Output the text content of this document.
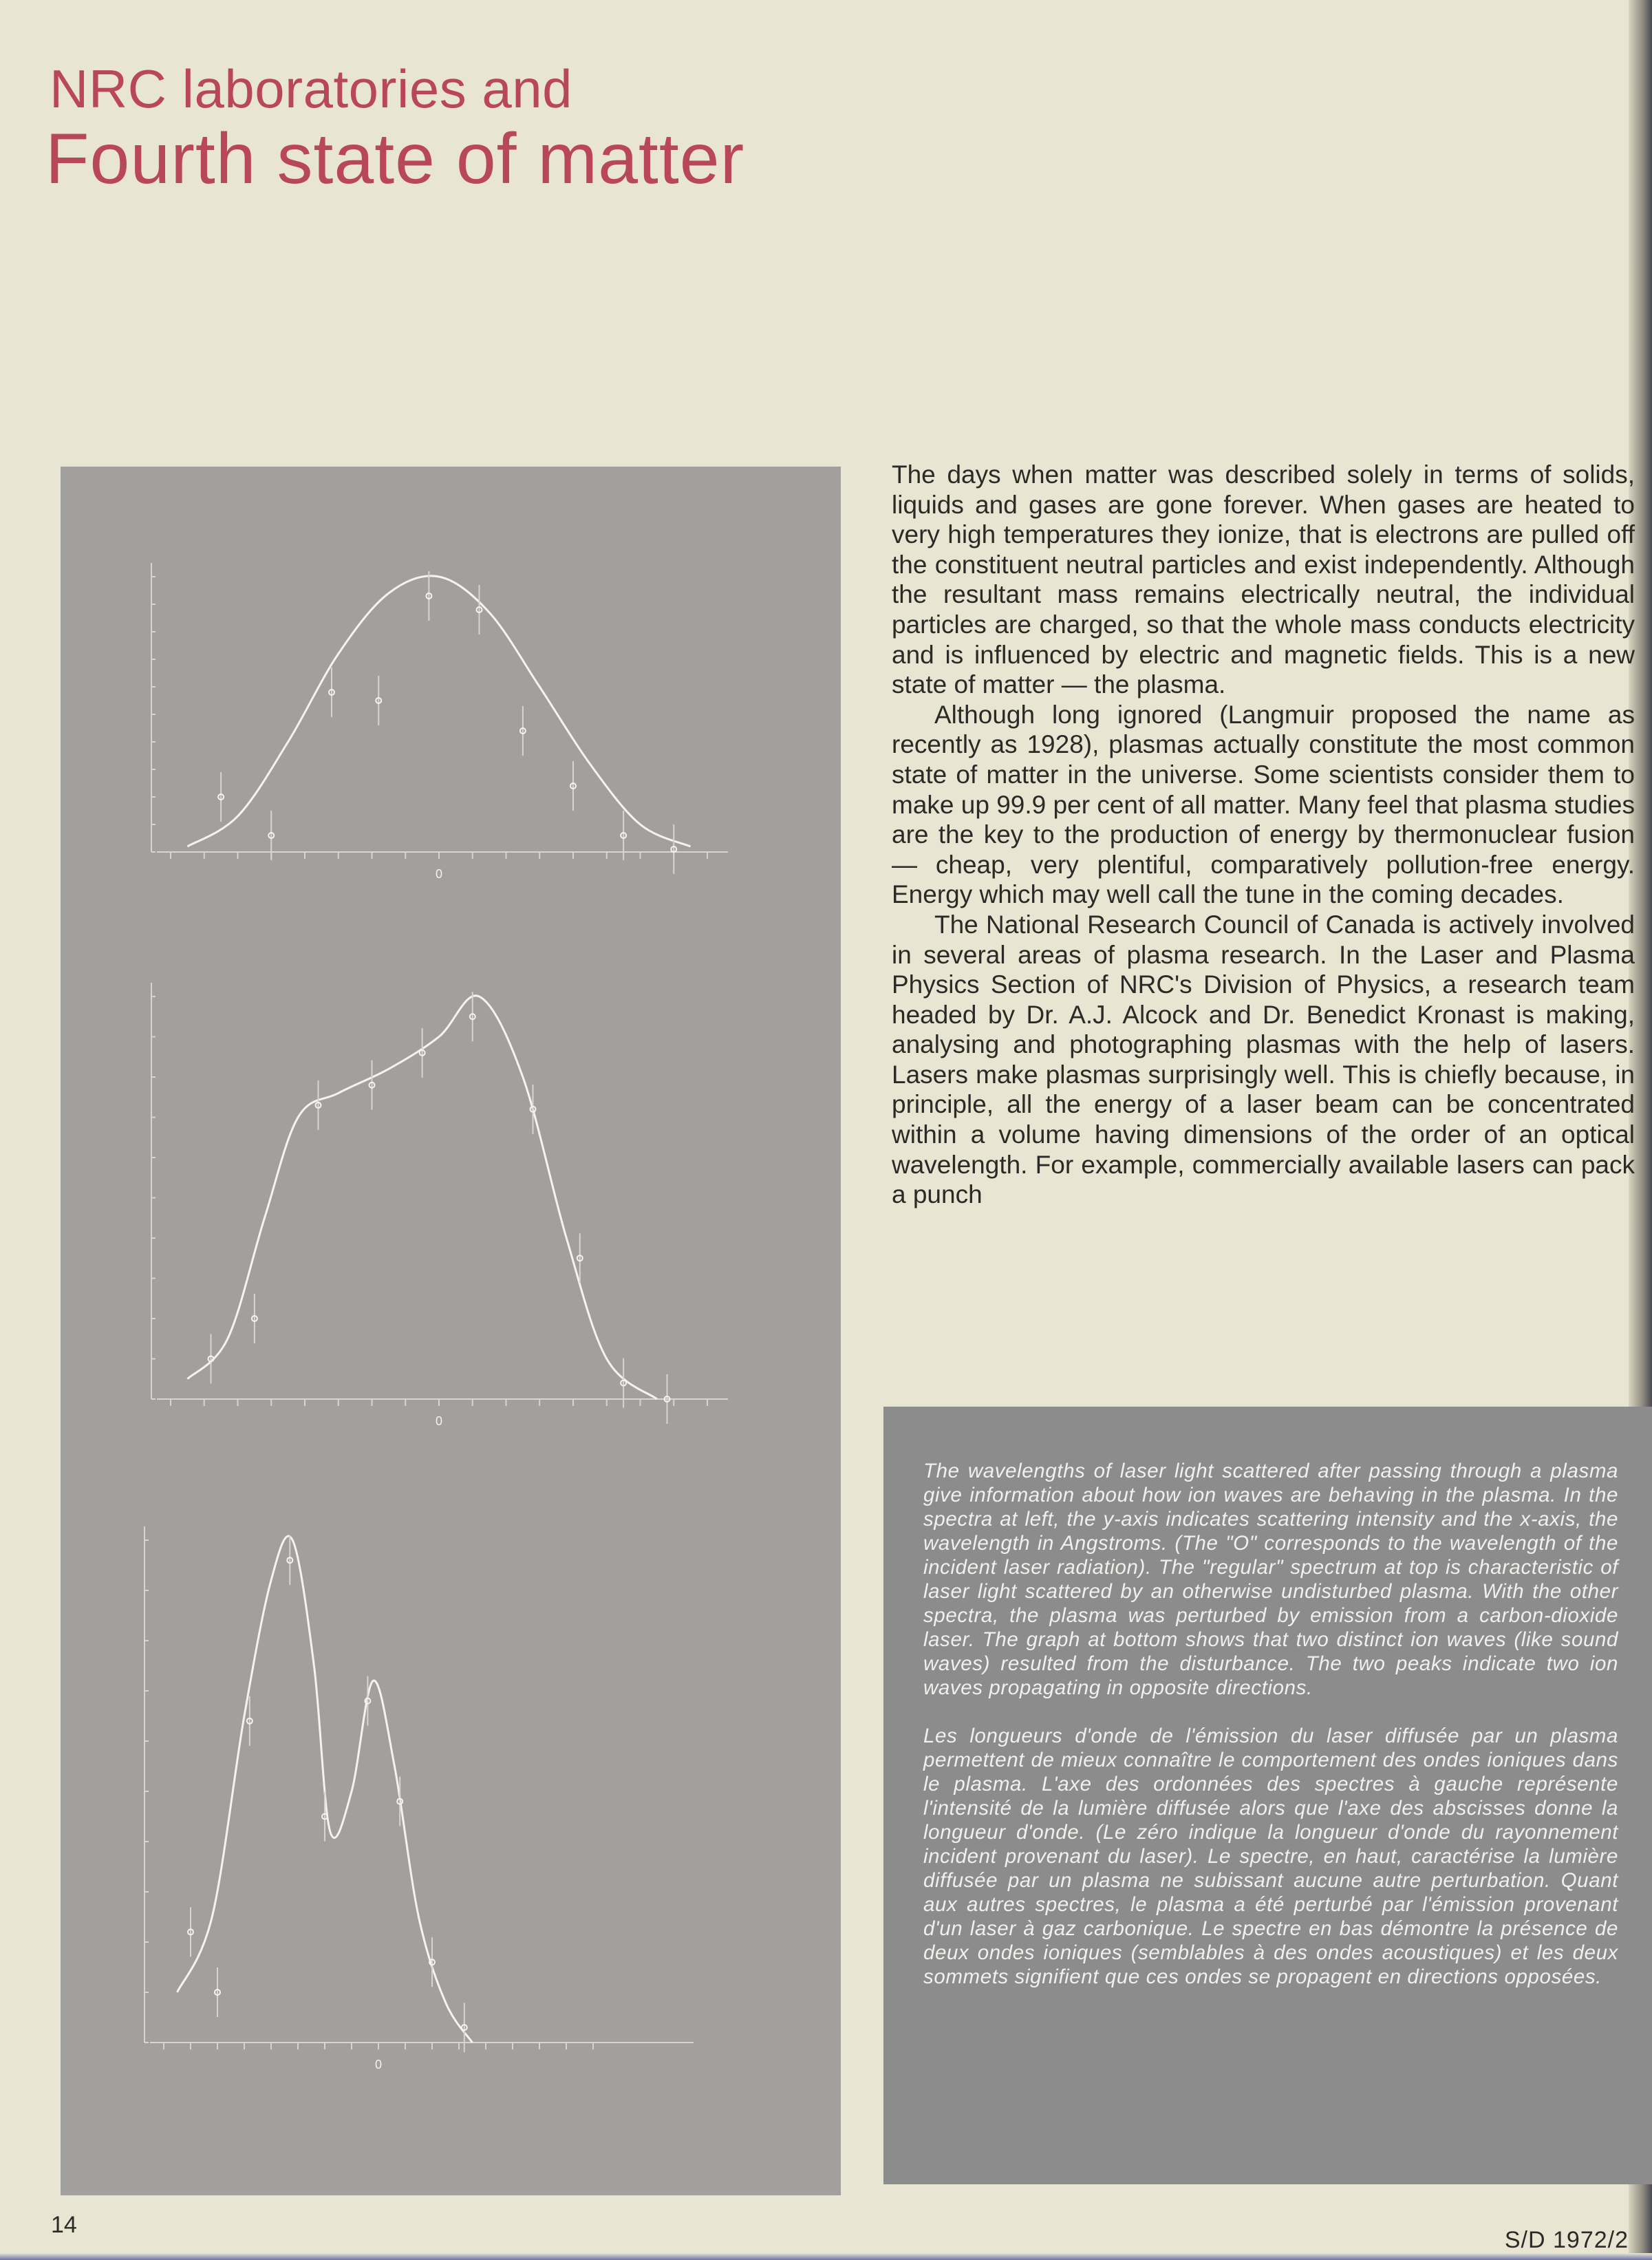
NRC laboratories and
Fourth state of matter
0
0
0

The days when matter was described solely in terms of solids, liquids and gases are gone forever. When gases are heated to very high temperatures they ionize, that is electrons are pulled off the constituent neutral particles and exist independently. Although the resultant mass remains electrically neutral, the individual particles are charged, so that the whole mass conducts electricity and is influenced by electric and magnetic fields. This is a new state of matter — the plasma.

Although long ignored (Langmuir proposed the name as recently as 1928), plasmas actually constitute the most common state of matter in the universe. Some scientists consider them to make up 99.9 per cent of all matter. Many feel that plasma studies are the key to the production of energy by thermonuclear fusion — cheap, very plentiful, comparatively pollution-free energy. Energy which may well call the tune in the coming decades.

The National Research Council of Canada is actively involved in several areas of plasma research. In the Laser and Plasma Physics Section of NRC's Division of Physics, a research team headed by Dr. A.J. Alcock and Dr. Benedict Kronast is making, analysing and photographing plasmas with the help of lasers. Lasers make plasmas surprisingly well. This is chiefly because, in principle, all the energy of a laser beam can be concentrated within a volume having dimensions of the order of an optical wavelength. For example, commercially available lasers can pack a punch

The wavelengths of laser light scattered after passing through a plasma give information about how ion waves are behaving in the plasma. In the spectra at left, the y-axis indicates scattering intensity and the x-axis, the wavelength in Angstroms. (The "O" corresponds to the wavelength of the incident laser radiation). The "regular" spectrum at top is characteristic of laser light scattered by an otherwise undisturbed plasma. With the other spectra, the plasma was perturbed by emission from a carbon-dioxide laser. The graph at bottom shows that two distinct ion waves (like sound waves) resulted from the disturbance. The two peaks indicate two ion waves propagating in opposite directions.

Les longueurs d'onde de l'émission du laser diffusée par un plasma permettent de mieux connaître le comportement des ondes ioniques dans le plasma. L'axe des ordonnées des spectres à gauche représente l'intensité de la lumière diffusée alors que l'axe des abscisses donne la longueur d'onde. (Le zéro indique la longueur d'onde du rayonnement incident provenant du laser). Le spectre, en haut, caractérise la lumière diffusée par un plasma ne subissant aucune autre perturbation. Quant aux autres spectres, le plasma a été perturbé par l'émission provenant d'un laser à gaz carbonique. Le spectre en bas démontre la présence de deux ondes ioniques (semblables à des ondes acoustiques) et les deux sommets signifient que ces ondes se propagent en directions opposées.

14
S/D 1972/2
